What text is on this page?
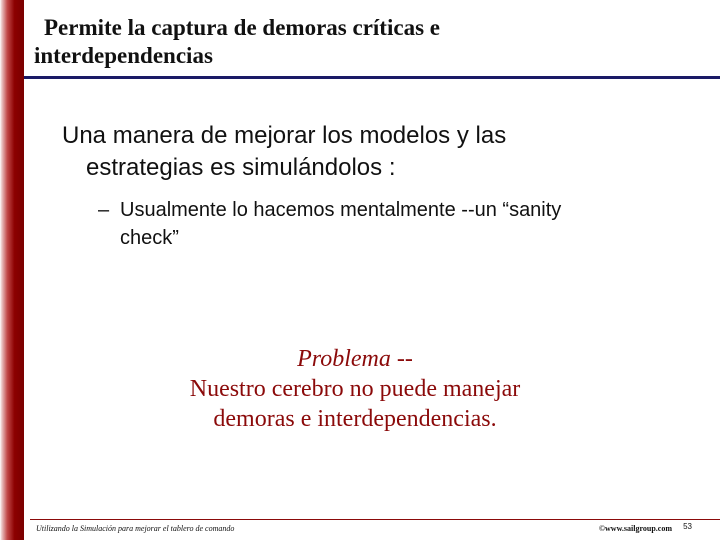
Permite la captura de demoras críticas e
interdependencias

Una manera de mejorar los modelos y las
estrategias es simulándolos :

– Usualmente lo hacemos mentalmente --un “sanity
check”

Problema --
Nuestro cerebro no puede manejar
demoras e interdependencias.

Utilizando la Simulación para mejorar el tablero de comando	©www.sailgroup.com 53
